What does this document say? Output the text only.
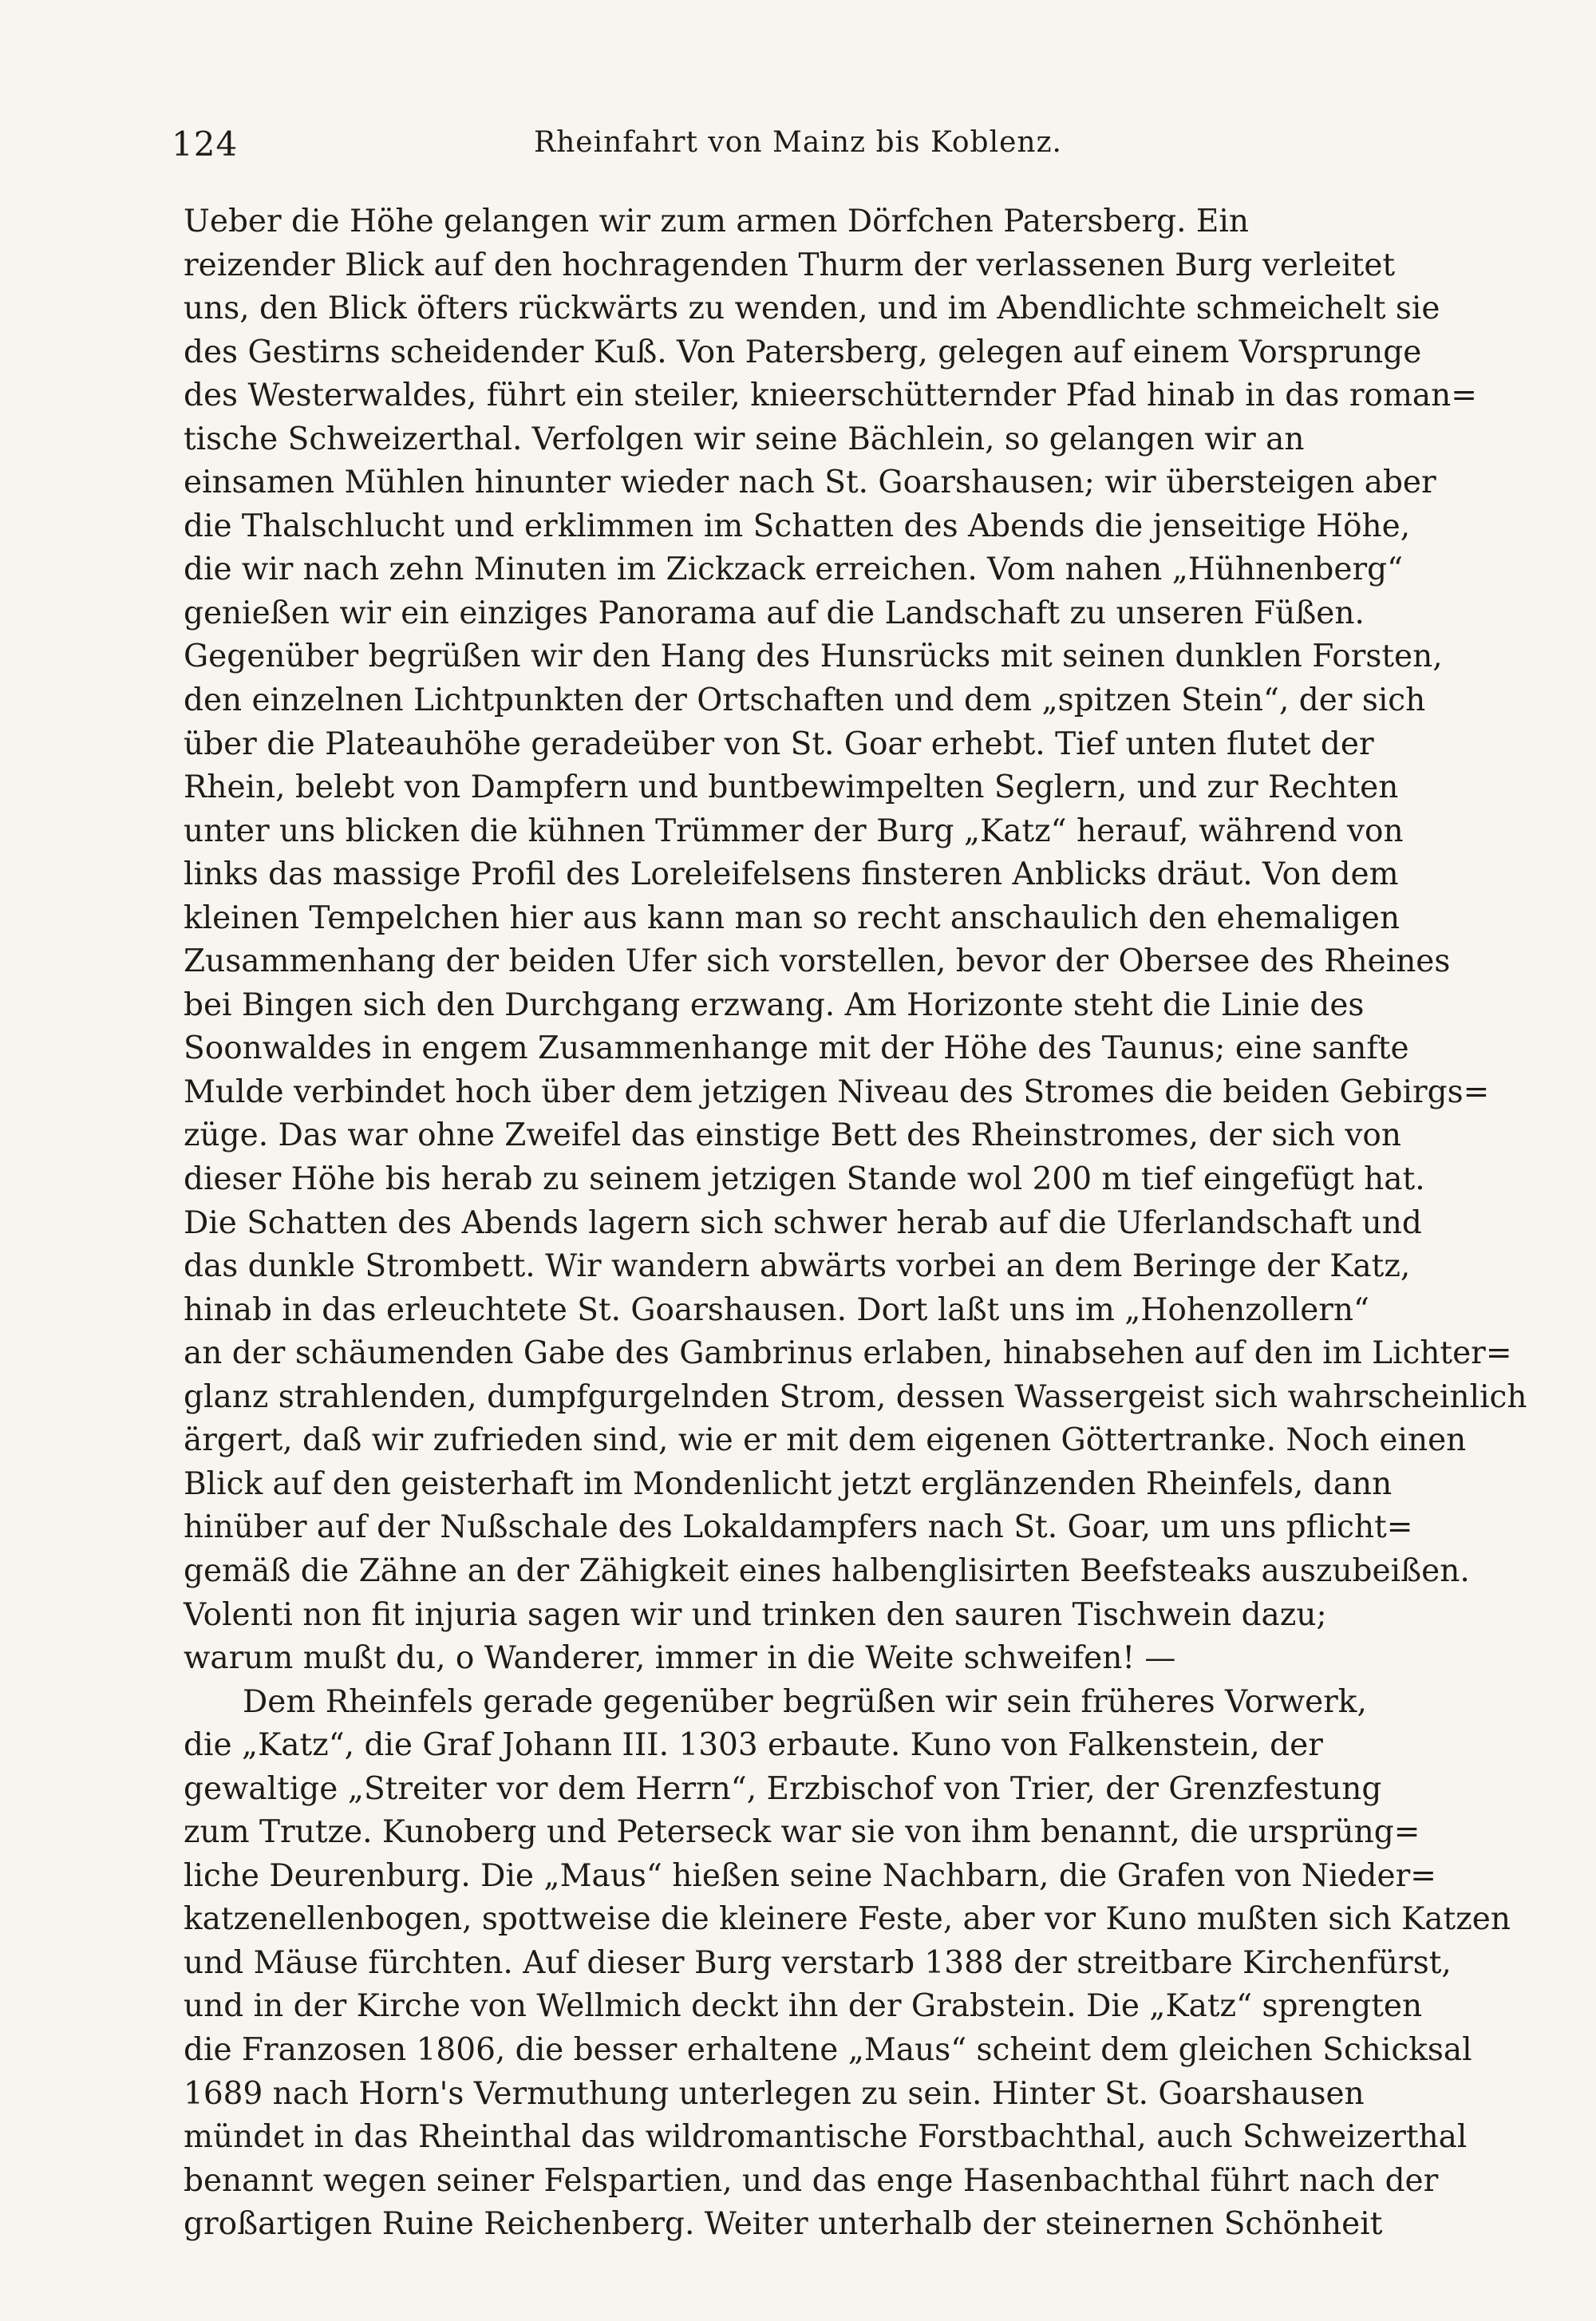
124	Rheinfahrt von Mainz bis Koblenz.
Ueber die Höhe gelangen wir zum armen Dörfchen Patersberg. Ein
reizender Blick auf den hochragenden Thurm der verlassenen Burg verleitet
uns, den Blick öfters rückwärts zu wenden, und im Abendlichte schmeichelt sie
des Gestirns scheidender Kuß. Von Patersberg, gelegen auf einem Vorsprunge
des Westerwaldes, führt ein steiler, knieerschütternder Pfad hinab in das roman=
tische Schweizerthal. Verfolgen wir seine Bächlein, so gelangen wir an
einsamen Mühlen hinunter wieder nach St. Goarshausen; wir übersteigen aber
die Thalschlucht und erklimmen im Schatten des Abends die jenseitige Höhe,
die wir nach zehn Minuten im Zickzack erreichen. Vom nahen „Hühnenberg“
genießen wir ein einziges Panorama auf die Landschaft zu unseren Füßen.
Gegenüber begrüßen wir den Hang des Hunsrücks mit seinen dunklen Forsten,
den einzelnen Lichtpunkten der Ortschaften und dem „spitzen Stein“, der sich
über die Plateauhöhe geradeüber von St. Goar erhebt. Tief unten flutet der
Rhein, belebt von Dampfern und buntbewimpelten Seglern, und zur Rechten
unter uns blicken die kühnen Trümmer der Burg „Katz“ herauf, während von
links das massige Profil des Loreleifelsens finsteren Anblicks dräut. Von dem
kleinen Tempelchen hier aus kann man so recht anschaulich den ehemaligen
Zusammenhang der beiden Ufer sich vorstellen, bevor der Obersee des Rheines
bei Bingen sich den Durchgang erzwang. Am Horizonte steht die Linie des
Soonwaldes in engem Zusammenhange mit der Höhe des Taunus; eine sanfte
Mulde verbindet hoch über dem jetzigen Niveau des Stromes die beiden Gebirgs=
züge. Das war ohne Zweifel das einstige Bett des Rheinstromes, der sich von
dieser Höhe bis herab zu seinem jetzigen Stande wol 200 m tief eingefügt hat.
Die Schatten des Abends lagern sich schwer herab auf die Uferlandschaft und
das dunkle Strombett. Wir wandern abwärts vorbei an dem Beringe der Katz,
hinab in das erleuchtete St. Goarshausen. Dort laßt uns im „Hohenzollern“
an der schäumenden Gabe des Gambrinus erlaben, hinabsehen auf den im Lichter=
glanz strahlenden, dumpfgurgelnden Strom, dessen Wassergeist sich wahrscheinlich
ärgert, daß wir zufrieden sind, wie er mit dem eigenen Göttertranke. Noch einen
Blick auf den geisterhaft im Mondenlicht jetzt erglänzenden Rheinfels, dann
hinüber auf der Nußschale des Lokaldampfers nach St. Goar, um uns pflicht=
gemäß die Zähne an der Zähigkeit eines halbenglisirten Beefsteaks auszubeißen.
Volenti non fit injuria sagen wir und trinken den sauren Tischwein dazu;
warum mußt du, o Wanderer, immer in die Weite schweifen! —
Dem Rheinfels gerade gegenüber begrüßen wir sein früheres Vorwerk,
die „Katz“, die Graf Johann III. 1303 erbaute. Kuno von Falkenstein, der
gewaltige „Streiter vor dem Herrn“, Erzbischof von Trier, der Grenzfestung
zum Trutze. Kunoberg und Peterseck war sie von ihm benannt, die ursprüng=
liche Deurenburg. Die „Maus“ hießen seine Nachbarn, die Grafen von Nieder=
katzenellenbogen, spottweise die kleinere Feste, aber vor Kuno mußten sich Katzen
und Mäuse fürchten. Auf dieser Burg verstarb 1388 der streitbare Kirchenfürst,
und in der Kirche von Wellmich deckt ihn der Grabstein. Die „Katz“ sprengten
die Franzosen 1806, die besser erhaltene „Maus“ scheint dem gleichen Schicksal
1689 nach Horn's Vermuthung unterlegen zu sein. Hinter St. Goarshausen
mündet in das Rheinthal das wildromantische Forstbachthal, auch Schweizerthal
benannt wegen seiner Felspartien, und das enge Hasenbachthal führt nach der
großartigen Ruine Reichenberg. Weiter unterhalb der steinernen Schönheit
